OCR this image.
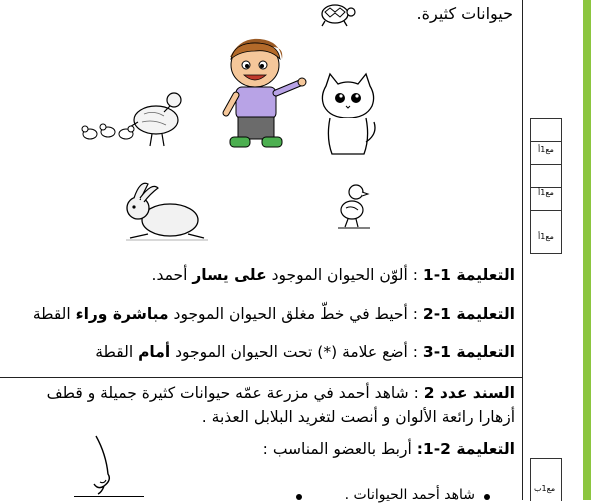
حيوانات كثيرة.
التعليمة 1-1 : ألوّن الحيوان الموجود على يسار أحمد.
التعليمة 1-2 : أحيط في خطّ مغلق الحيوان الموجود مباشرة وراء القطة
التعليمة 1-3 : أضع علامة (*) تحت الحيوان الموجود أمام القطة
السند عدد 2 : شاهد أحمد في مزرعة عمّه حيوانات كثيرة جميلة و قطف
أزهارا رائعة الألوان و أنصت لتغريد البلابل العذبة .
التعليمة 2-1: أربط بالعضو المناسب :
شاهد أحمد الحيوانات .
مع1أ
مع1أ
مع1أ
مع1ب
